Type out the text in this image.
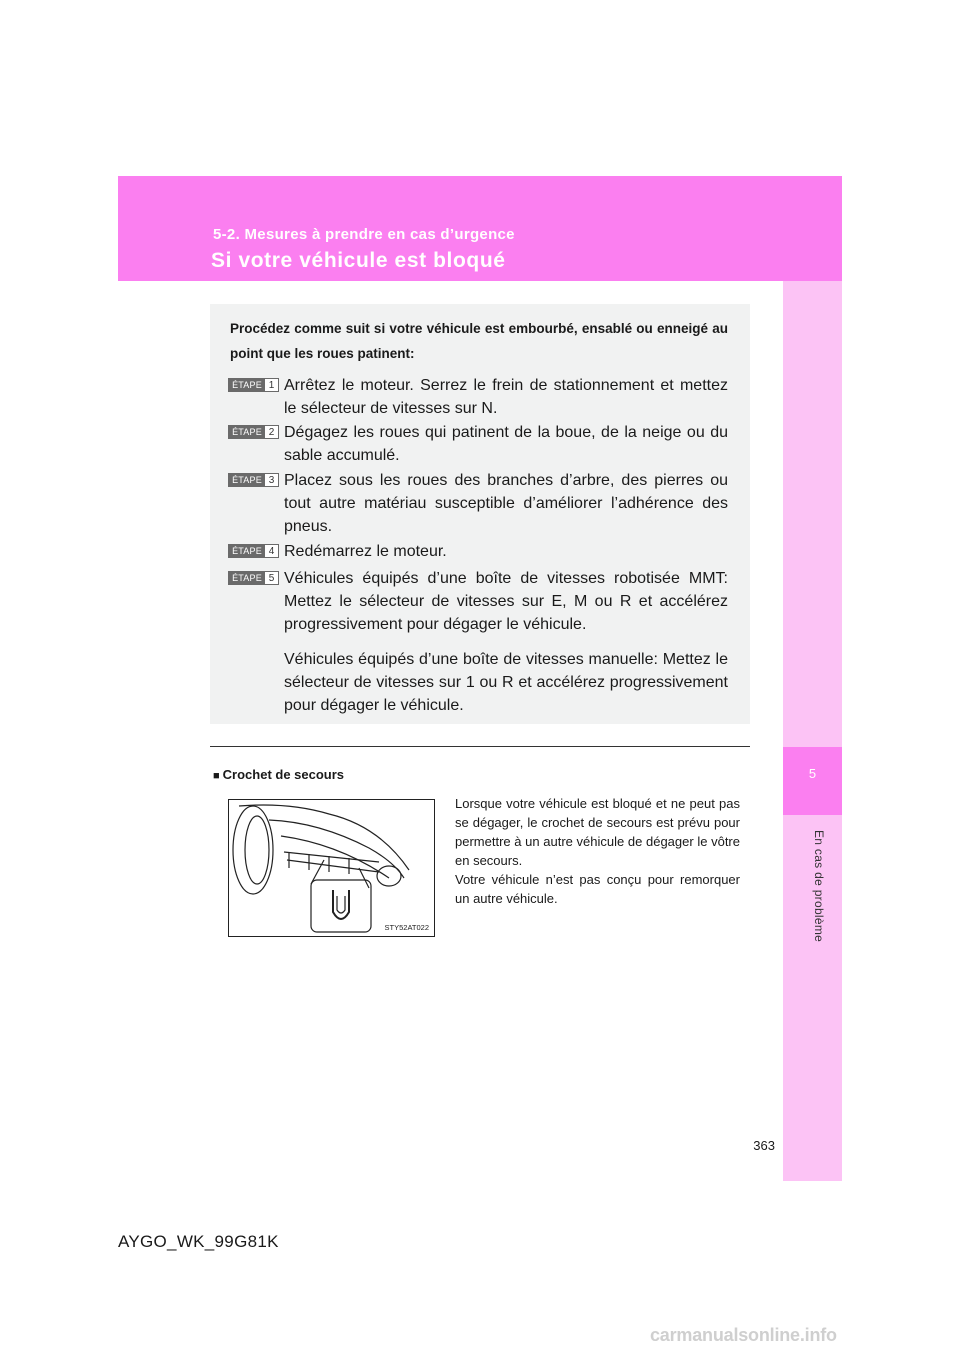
5-2. Mesures à prendre en cas d’urgence
Si votre véhicule est bloqué
5
En cas de problème
Procédez comme suit si votre véhicule est embourbé, ensablé ou enneigé au point que les roues patinent:
ÉTAPE 1 Arrêtez le moteur. Serrez le frein de stationnement et mettez le sélecteur de vitesses sur N.

ÉTAPE 2 Dégagez les roues qui patinent de la boue, de la neige ou du sable accumulé.

ÉTAPE 3 Placez sous les roues des branches d’arbre, des pierres ou tout autre matériau susceptible d’améliorer l’adhérence des pneus.

ÉTAPE 4 Redémarrez le moteur.

ÉTAPE 5 Véhicules équipés d’une boîte de vitesses robotisée MMT: Mettez le sélecteur de vitesses sur E, M ou R et accélérez progressivement pour dégager le véhicule.

Véhicules équipés d’une boîte de vitesses manuelle: Mettez le sélecteur de vitesses sur 1 ou R et accélérez progressivement pour dégager le véhicule.

■ Crochet de secours
STY52AT022

Lorsque votre véhicule est bloqué et ne peut pas se dégager, le crochet de secours est prévu pour permettre à un autre véhicule de dégager le vôtre en secours.

Votre véhicule n’est pas conçu pour remorquer un autre véhicule.

363
AYGO_WK_99G81K
carmanualsonline.info
